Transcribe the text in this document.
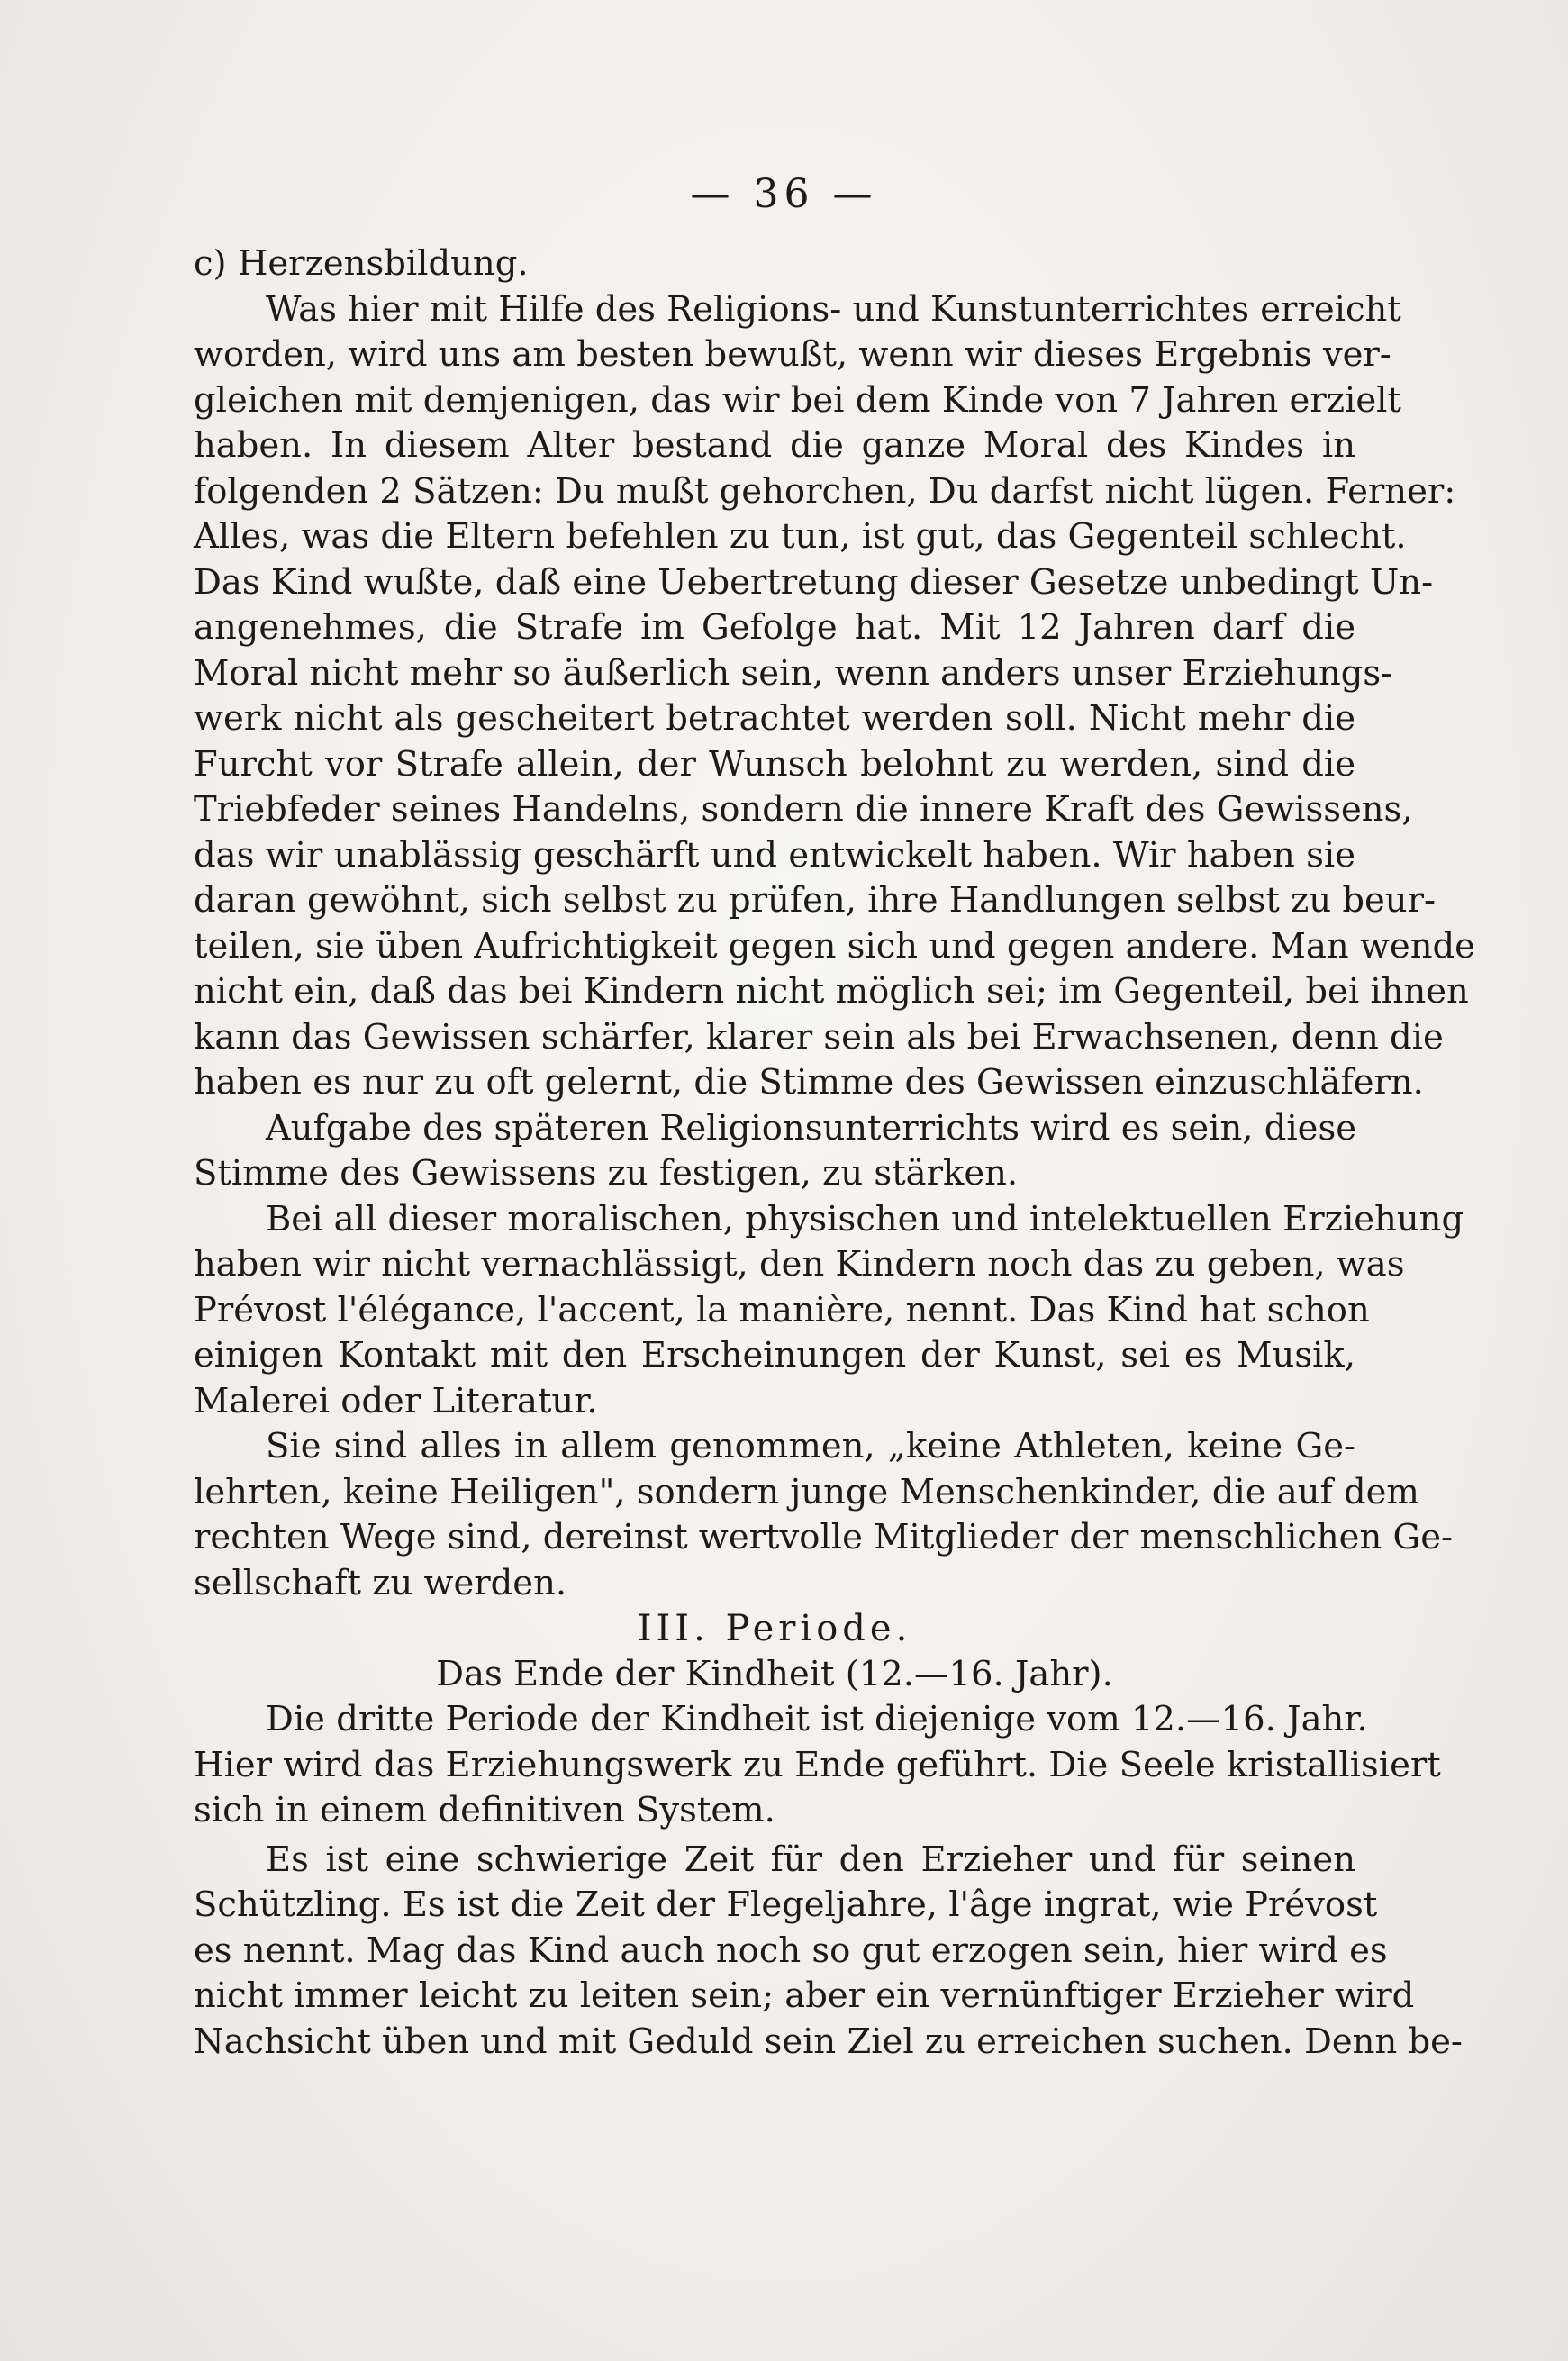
— 36 —
c) Herzensbildung.
Was hier mit Hilfe des Religions- und Kunstunterrichtes erreicht
worden, wird uns am besten bewußt, wenn wir dieses Ergebnis ver-
gleichen mit demjenigen, das wir bei dem Kinde von 7 Jahren erzielt
haben. In diesem Alter bestand die ganze Moral des Kindes in
folgenden 2 Sätzen: Du mußt gehorchen, Du darfst nicht lügen. Ferner:
Alles, was die Eltern befehlen zu tun, ist gut, das Gegenteil schlecht.
Das Kind wußte, daß eine Uebertretung dieser Gesetze unbedingt Un-
angenehmes, die Strafe im Gefolge hat. Mit 12 Jahren darf die
Moral nicht mehr so äußerlich sein, wenn anders unser Erziehungs-
werk nicht als gescheitert betrachtet werden soll. Nicht mehr die
Furcht vor Strafe allein, der Wunsch belohnt zu werden, sind die
Triebfeder seines Handelns, sondern die innere Kraft des Gewissens,
das wir unablässig geschärft und entwickelt haben. Wir haben sie
daran gewöhnt, sich selbst zu prüfen, ihre Handlungen selbst zu beur-
teilen, sie üben Aufrichtigkeit gegen sich und gegen andere. Man wende
nicht ein, daß das bei Kindern nicht möglich sei; im Gegenteil, bei ihnen
kann das Gewissen schärfer, klarer sein als bei Erwachsenen, denn die
haben es nur zu oft gelernt, die Stimme des Gewissen einzuschläfern.
Aufgabe des späteren Religionsunterrichts wird es sein, diese
Stimme des Gewissens zu festigen, zu stärken.
Bei all dieser moralischen, physischen und intelektuellen Erziehung
haben wir nicht vernachlässigt, den Kindern noch das zu geben, was
Prévost l'élégance, l'accent, la manière, nennt. Das Kind hat schon
einigen Kontakt mit den Erscheinungen der Kunst, sei es Musik,
Malerei oder Literatur.
Sie sind alles in allem genommen, „keine Athleten, keine Ge-
lehrten, keine Heiligen", sondern junge Menschenkinder, die auf dem
rechten Wege sind, dereinst wertvolle Mitglieder der menschlichen Ge-
sellschaft zu werden.
III. Periode.
Das Ende der Kindheit (12.—16. Jahr).
Die dritte Periode der Kindheit ist diejenige vom 12.—16. Jahr.
Hier wird das Erziehungswerk zu Ende geführt. Die Seele kristallisiert
sich in einem definitiven System.
Es ist eine schwierige Zeit für den Erzieher und für seinen
Schützling. Es ist die Zeit der Flegeljahre, l'âge ingrat, wie Prévost
es nennt. Mag das Kind auch noch so gut erzogen sein, hier wird es
nicht immer leicht zu leiten sein; aber ein vernünftiger Erzieher wird
Nachsicht üben und mit Geduld sein Ziel zu erreichen suchen. Denn be-
